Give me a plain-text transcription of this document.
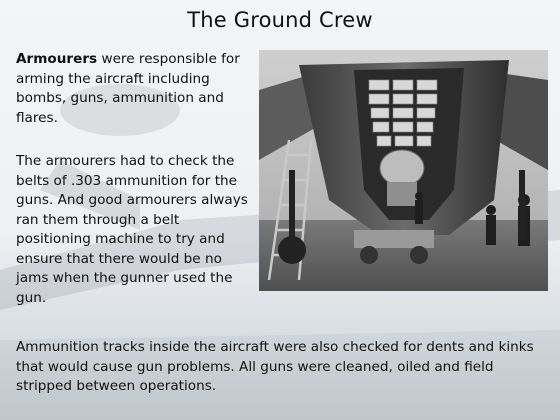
The Ground Crew
Armourers were responsible for arming the aircraft including bombs, guns, ammunition and flares.
The armourers had to check the belts of .303 ammunition for the guns. And good armourers always ran them through a belt positioning machine to try and ensure that there would be no jams when the gunner used the gun.
Ammunition tracks inside the aircraft were also checked for dents and kinks that would cause gun problems. All guns were cleaned, oiled and field stripped between operations.
